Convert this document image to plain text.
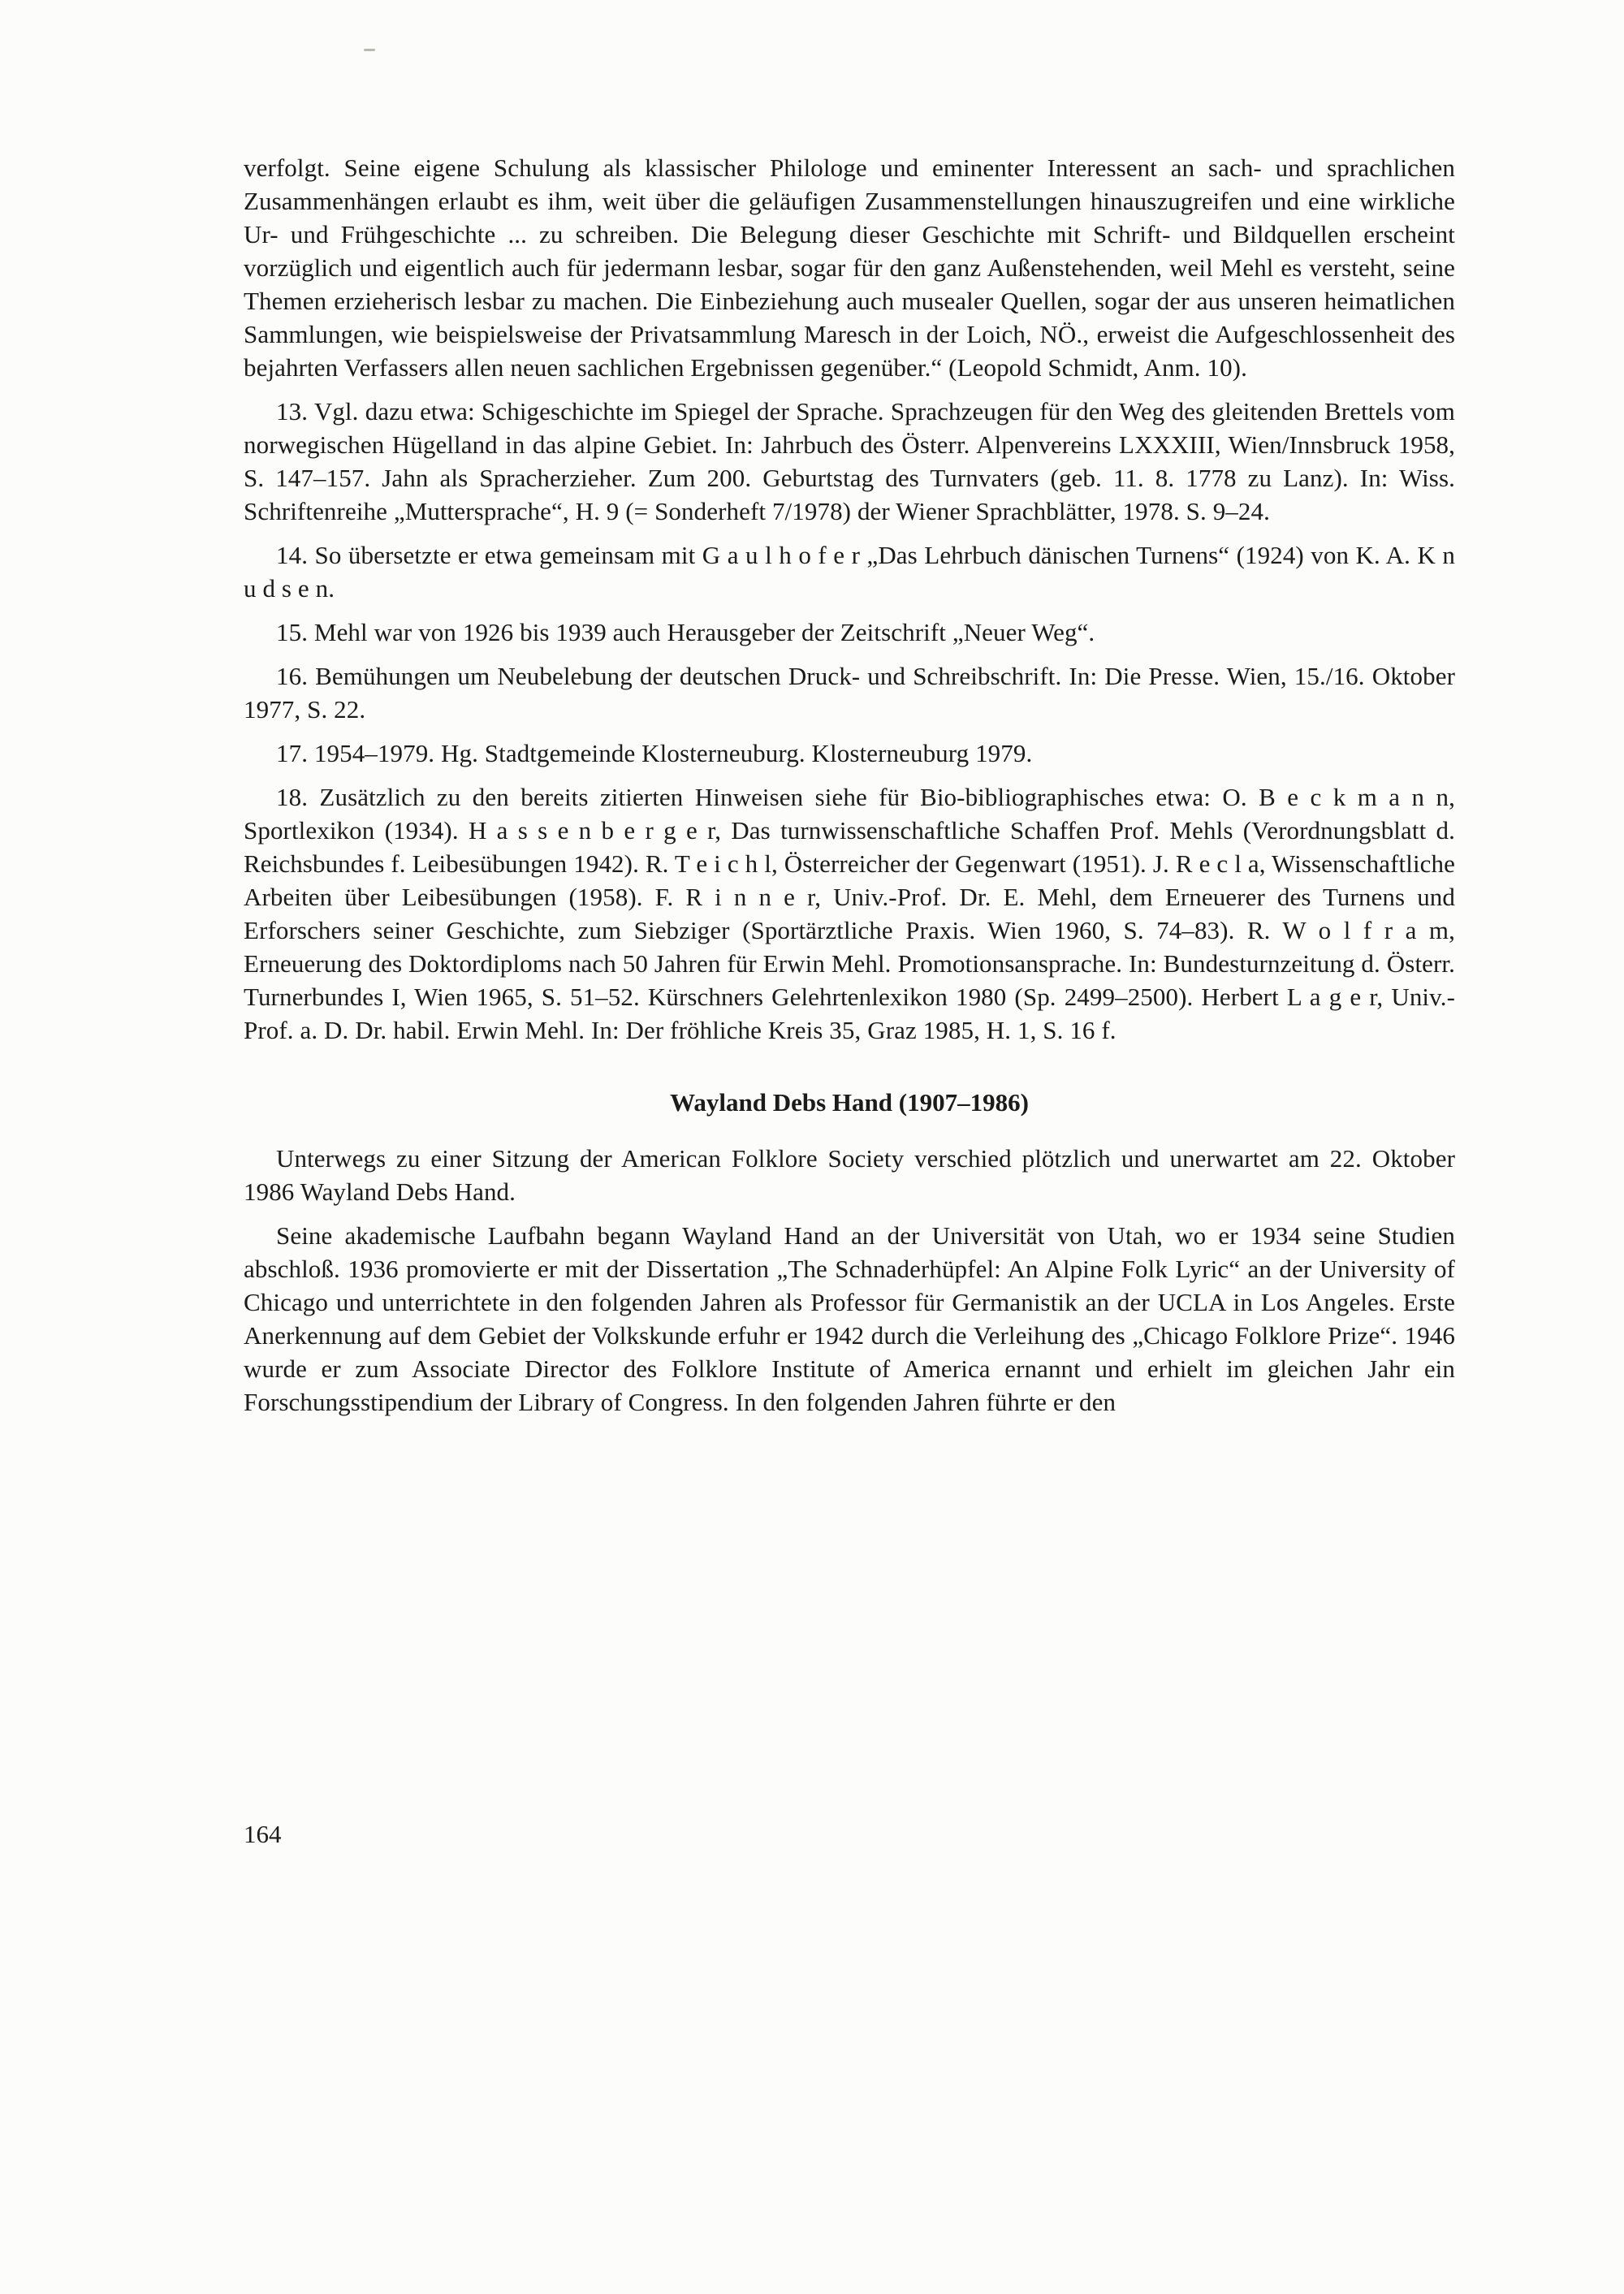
verfolgt. Seine eigene Schulung als klassischer Philologe und eminenter Interessent an sach- und sprachlichen Zusammenhängen erlaubt es ihm, weit über die geläufigen Zusammenstellungen hinauszugreifen und eine wirkliche Ur- und Frühgeschichte ... zu schreiben. Die Belegung dieser Geschichte mit Schrift- und Bildquellen erscheint vorzüglich und eigentlich auch für jedermann lesbar, sogar für den ganz Außenstehenden, weil Mehl es versteht, seine Themen erzieherisch lesbar zu machen. Die Einbeziehung auch musealer Quellen, sogar der aus unseren heimatlichen Sammlungen, wie beispielsweise der Privatsammlung Maresch in der Loich, NÖ., erweist die Aufgeschlossenheit des bejahrten Verfassers allen neuen sachlichen Ergebnissen gegenüber.“ (Leopold Schmidt, Anm. 10).

13. Vgl. dazu etwa: Schigeschichte im Spiegel der Sprache. Sprachzeugen für den Weg des gleitenden Brettels vom norwegischen Hügelland in das alpine Gebiet. In: Jahrbuch des Österr. Alpenvereins LXXXIII, Wien/Innsbruck 1958, S. 147–157. Jahn als Spracherzieher. Zum 200. Geburtstag des Turnvaters (geb. 11. 8. 1778 zu Lanz). In: Wiss. Schriftenreihe „Muttersprache“, H. 9 (= Sonderheft 7/1978) der Wiener Sprachblätter, 1978. S. 9–24.

14. So übersetzte er etwa gemeinsam mit G a u l h o f e r „Das Lehrbuch dänischen Turnens“ (1924) von K. A. K n u d s e n.

15. Mehl war von 1926 bis 1939 auch Herausgeber der Zeitschrift „Neuer Weg“.

16. Bemühungen um Neubelebung der deutschen Druck- und Schreibschrift. In: Die Presse. Wien, 15./16. Oktober 1977, S. 22.

17. 1954–1979. Hg. Stadtgemeinde Klosterneuburg. Klosterneuburg 1979.

18. Zusätzlich zu den bereits zitierten Hinweisen siehe für Bio-bibliographisches etwa: O. B e c k m a n n, Sportlexikon (1934). H a s s e n b e r g e r, Das turnwissenschaftliche Schaffen Prof. Mehls (Verordnungsblatt d. Reichsbundes f. Leibesübungen 1942). R. T e i c h l, Österreicher der Gegenwart (1951). J. R e c l a, Wissenschaftliche Arbeiten über Leibesübungen (1958). F. R i n n e r, Univ.-Prof. Dr. E. Mehl, dem Erneuerer des Turnens und Erforschers seiner Geschichte, zum Siebziger (Sportärztliche Praxis. Wien 1960, S. 74–83). R. W o l f r a m, Erneuerung des Doktordiploms nach 50 Jahren für Erwin Mehl. Promotionsansprache. In: Bundesturnzeitung d. Österr. Turnerbundes I, Wien 1965, S. 51–52. Kürschners Gelehrtenlexikon 1980 (Sp. 2499–2500). Herbert L a g e r, Univ.-Prof. a. D. Dr. habil. Erwin Mehl. In: Der fröhliche Kreis 35, Graz 1985, H. 1, S. 16 f.

Wayland Debs Hand (1907–1986)

Unterwegs zu einer Sitzung der American Folklore Society verschied plötzlich und unerwartet am 22. Oktober 1986 Wayland Debs Hand.

Seine akademische Laufbahn begann Wayland Hand an der Universität von Utah, wo er 1934 seine Studien abschloß. 1936 promovierte er mit der Dissertation „The Schnaderhüpfel: An Alpine Folk Lyric“ an der University of Chicago und unterrichtete in den folgenden Jahren als Professor für Germanistik an der UCLA in Los Angeles. Erste Anerkennung auf dem Gebiet der Volkskunde erfuhr er 1942 durch die Verleihung des „Chicago Folklore Prize“. 1946 wurde er zum Associate Director des Folklore Institute of America ernannt und erhielt im gleichen Jahr ein Forschungsstipendium der Library of Congress. In den folgenden Jahren führte er den

164
